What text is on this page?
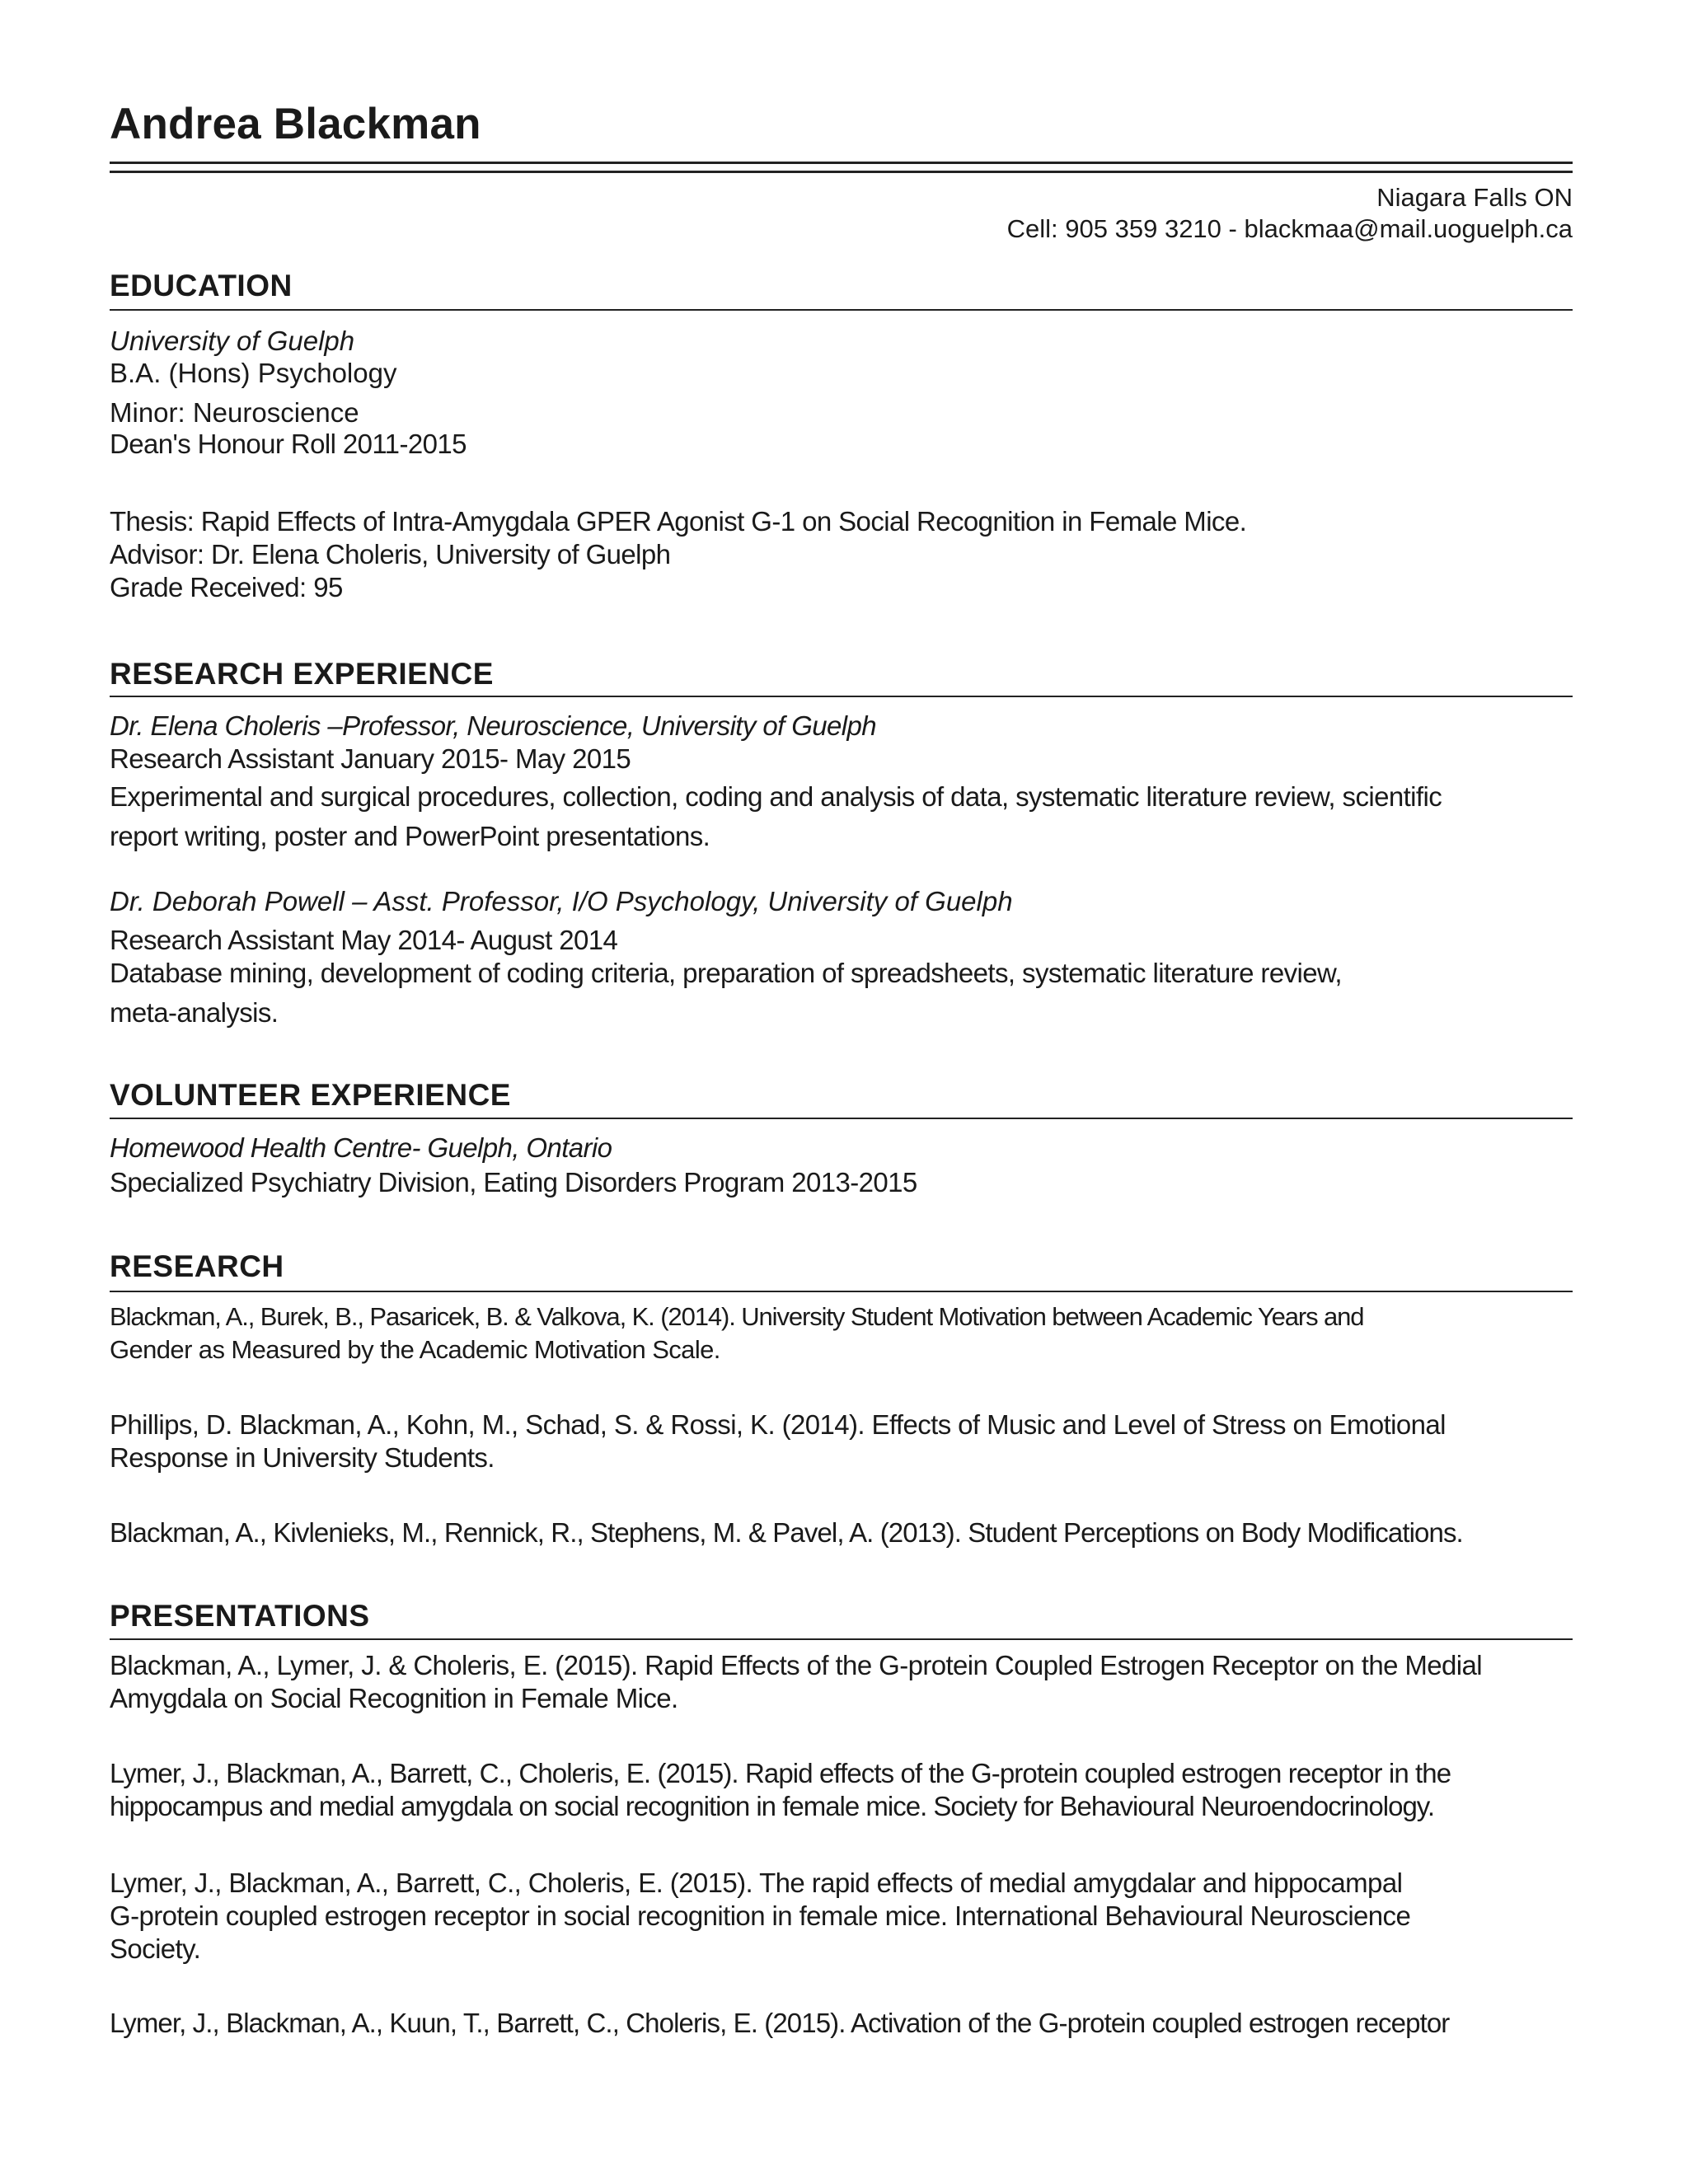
Andrea Blackman
Niagara Falls ON
Cell: 905 359 3210 - blackmaa@mail.uoguelph.ca
EDUCATION
University of Guelph
B.A. (Hons) Psychology
Minor: Neuroscience
Dean's Honour Roll 2011-2015
Thesis: Rapid Effects of Intra-Amygdala GPER Agonist G-1 on Social Recognition in Female Mice.
Advisor: Dr. Elena Choleris, University of Guelph
Grade Received: 95
RESEARCH EXPERIENCE
Dr. Elena Choleris –Professor, Neuroscience, University of Guelph
Research Assistant January 2015- May 2015
Experimental and surgical procedures, collection, coding and analysis of data, systematic literature review, scientific
report writing, poster and PowerPoint presentations.
Dr. Deborah Powell – Asst. Professor, I/O Psychology, University of Guelph
Research Assistant May 2014- August 2014
Database mining, development of coding criteria, preparation of spreadsheets, systematic literature review,
meta-analysis.
VOLUNTEER EXPERIENCE
Homewood Health Centre- Guelph, Ontario
Specialized Psychiatry Division, Eating Disorders Program 2013-2015
RESEARCH
Blackman, A., Burek, B., Pasaricek, B. & Valkova, K. (2014). University Student Motivation between Academic Years and
Gender as Measured by the Academic Motivation Scale.
Phillips, D. Blackman, A., Kohn, M., Schad, S. & Rossi, K. (2014). Effects of Music and Level of Stress on Emotional
Response in University Students.
Blackman, A., Kivlenieks, M., Rennick, R., Stephens, M. & Pavel, A. (2013). Student Perceptions on Body Modifications.
PRESENTATIONS
Blackman, A., Lymer, J. & Choleris, E. (2015). Rapid Effects of the G-protein Coupled Estrogen Receptor on the Medial
Amygdala on Social Recognition in Female Mice.
Lymer, J., Blackman, A., Barrett, C., Choleris, E. (2015). Rapid effects of the G-protein coupled estrogen receptor in the
hippocampus and medial amygdala on social recognition in female mice. Society for Behavioural Neuroendocrinology.
Lymer, J., Blackman, A., Barrett, C., Choleris, E. (2015). The rapid effects of medial amygdalar and hippocampal
G-protein coupled estrogen receptor in social recognition in female mice. International Behavioural Neuroscience
Society.
Lymer, J., Blackman, A., Kuun, T., Barrett, C., Choleris, E. (2015). Activation of the G-protein coupled estrogen receptor
